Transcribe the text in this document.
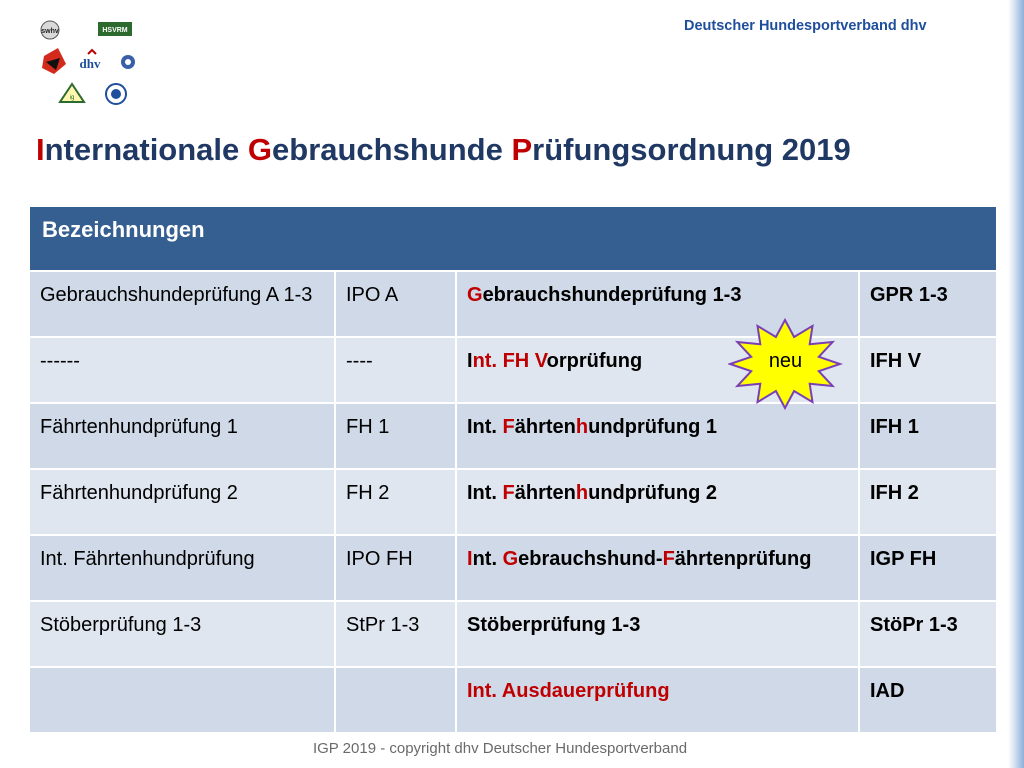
Deutscher Hundesportverband dhv
swhv	HSVRM
dhv
ig
Internationale Gebrauchshunde Prüfungsordnung 2019
Bezeichnungen			
Gebrauchshundeprüfung A 1-3	IPO A	Gebrauchshundeprüfung 1-3	GPR 1-3
------	----	Int. FH Vorprüfung	IFH V
Fährtenhundprüfung 1	FH 1	Int. Fährtenhundprüfung 1	IFH 1
Fährtenhundprüfung 2	FH 2	Int. Fährtenhundprüfung 2	IFH 2
Int. Fährtenhundprüfung	IPO FH	Int. Gebrauchshund-Fährtenprüfung	IGP FH
Stöberprüfung 1-3	StPr 1-3	Stöberprüfung 1-3	StöPr 1-3
		Int. Ausdauerprüfung	IAD
neu
IGP 2019 - copyright dhv Deutscher Hundesportverband
